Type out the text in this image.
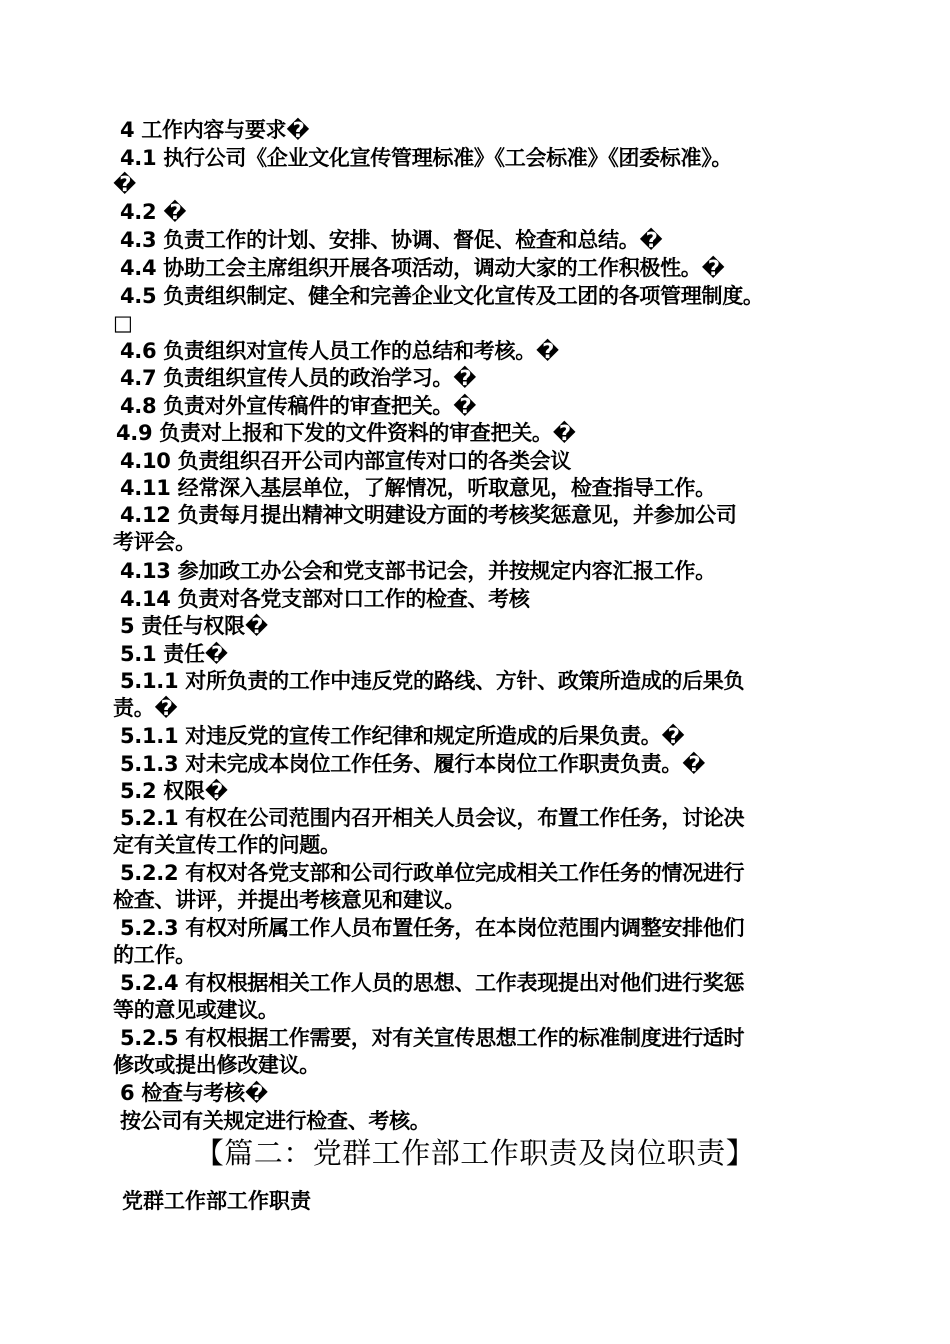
4 工作内容与要求�
4.1 执行公司《企业文化宣传管理标准》《工会标准》《团委标准》。
�
4.2 �
4.3 负责工作的计划、安排、协调、督促、检查和总结。�
4.4 协助工会主席组织开展各项活动，调动大家的工作积极性。�
4.5 负责组织制定、健全和完善企业文化宣传及工团的各项管理制度。
□
4.6 负责组织对宣传人员工作的总结和考核。�
4.7 负责组织宣传人员的政治学习。�
4.8 负责对外宣传稿件的审查把关。�
4.9 负责对上报和下发的文件资料的审查把关。�
4.10 负责组织召开公司内部宣传对口的各类会议
4.11 经常深入基层单位，了解情况，听取意见，检查指导工作。
4.12 负责每月提出精神文明建设方面的考核奖惩意见，并参加公司
考评会。
4.13 参加政工办公会和党支部书记会，并按规定内容汇报工作。
4.14 负责对各党支部对口工作的检查、考核
5 责任与权限�
5.1 责任�
5.1.1 对所负责的工作中违反党的路线、方针、政策所造成的后果负
责。�
5.1.1 对违反党的宣传工作纪律和规定所造成的后果负责。�
5.1.3 对未完成本岗位工作任务、履行本岗位工作职责负责。�
5.2 权限�
5.2.1 有权在公司范围内召开相关人员会议，布置工作任务，讨论决
定有关宣传工作的问题。
5.2.2 有权对各党支部和公司行政单位完成相关工作任务的情况进行
检查、讲评，并提出考核意见和建议。
5.2.3 有权对所属工作人员布置任务，在本岗位范围内调整安排他们
的工作。
5.2.4 有权根据相关工作人员的思想、工作表现提出对他们进行奖惩
等的意见或建议。
5.2.5 有权根据工作需要，对有关宣传思想工作的标准制度进行适时
修改或提出修改建议。
6 检查与考核�
按公司有关规定进行检查、考核。
【篇二：党群工作部工作职责及岗位职责】
党群工作部工作职责
